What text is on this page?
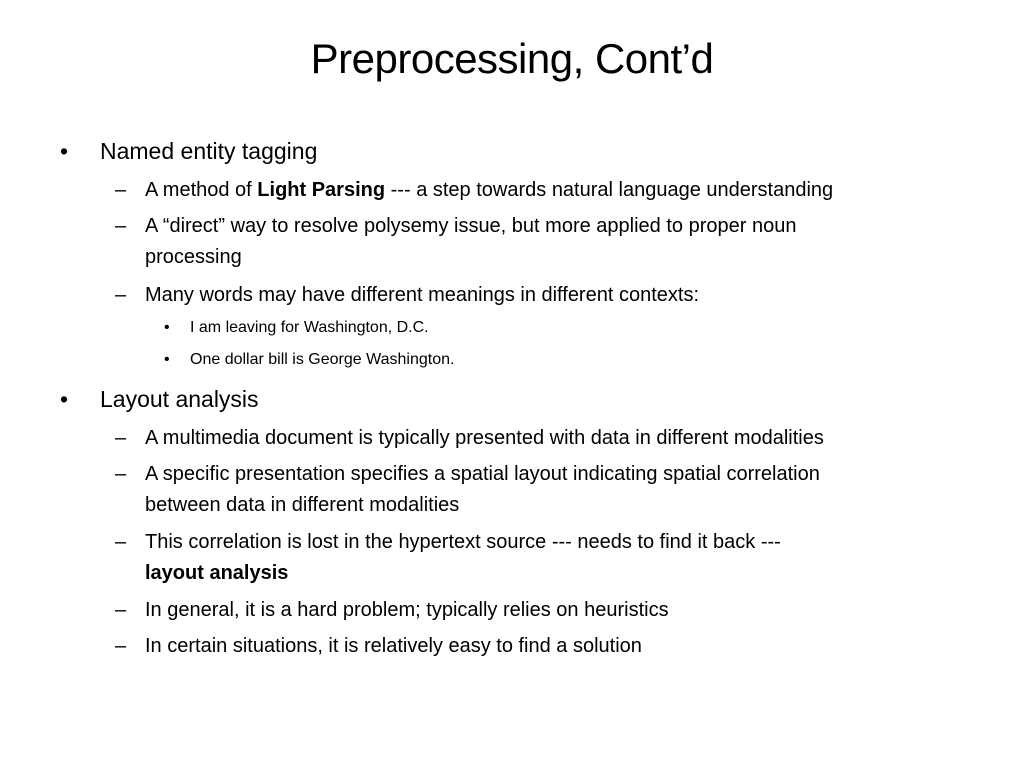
Preprocessing, Cont’d
• Named entity tagging
– A method of Light Parsing --- a step towards natural language understanding
– A “direct” way to resolve polysemy issue, but more applied to proper noun
processing
– Many words may have different meanings in different contexts:
• I am leaving for Washington, D.C.
• One dollar bill is George Washington.
• Layout analysis
– A multimedia document is typically presented with data in different modalities
– A specific presentation specifies a spatial layout indicating spatial correlation
between data in different modalities
– This correlation is lost in the hypertext source --- needs to find it back ---
layout analysis
– In general, it is a hard problem; typically relies on heuristics
– In certain situations, it is relatively easy to find a solution
